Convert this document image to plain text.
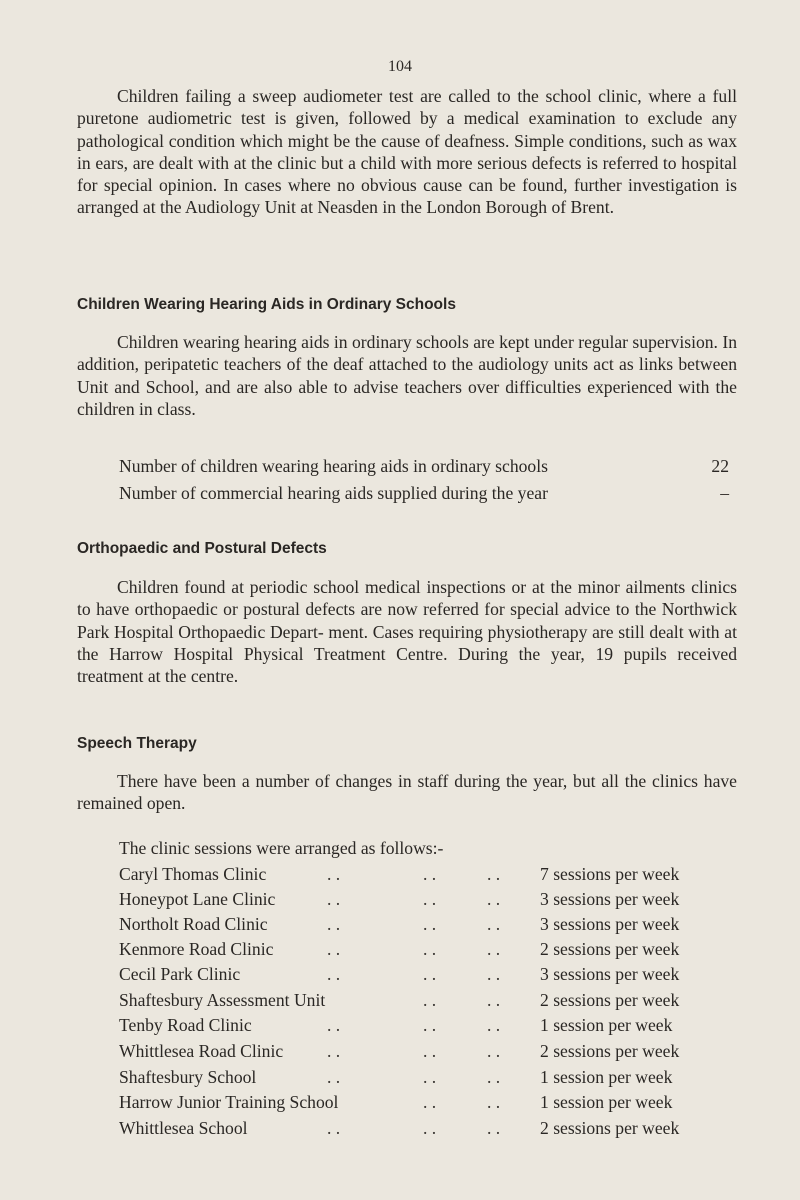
104

Children failing a sweep audiometer test are called to the school clinic, where a full puretone audiometric test is given, followed by a medical examination to exclude any pathological condition which might be the cause of deafness. Simple conditions, such as wax in ears, are dealt with at the clinic but a child with more serious defects is referred to hospital for special opinion. In cases where no obvious cause can be found, further investigation is arranged at the Audiology Unit at Neasden in the London Borough of Brent.

Children Wearing Hearing Aids in Ordinary Schools

Children wearing hearing aids in ordinary schools are kept under regular supervision. In addition, peripatetic teachers of the deaf attached to the audiology units act as links between Unit and School, and are also able to advise teachers over difficulties experienced with the children in class.

Number of children wearing hearing aids in ordinary schools	22
Number of commercial hearing aids supplied during the year	–
Orthopaedic and Postural Defects

Children found at periodic school medical inspections or at the minor ailments clinics to have orthopaedic or postural defects are now referred for special advice to the Northwick Park Hospital Orthopaedic Depart- ment. Cases requiring physiotherapy are still dealt with at the Harrow Hospital Physical Treatment Centre. During the year, 19 pupils received treatment at the centre.

Speech Therapy

There have been a number of changes in staff during the year, but all the clinics have remained open.

The clinic sessions were arranged as follows:-
Caryl Thomas Clinic	. .	. .	. . 7 sessions per week
Honeypot Lane Clinic	. .	. .	. . 3 sessions per week
Northolt Road Clinic	. .	. .	. . 3 sessions per week
Kenmore Road Clinic	. .	. .	. . 2 sessions per week
Cecil Park Clinic	. .	. .	. . 3 sessions per week
Shaftesbury Assessment Unit	. .	. . 2 sessions per week
Tenby Road Clinic	. .	. .	. . 1 session per week
Whittlesea Road Clinic . .	. .	. . 2 sessions per week
Shaftesbury School	. .	. .	. . 1 session per week
Harrow Junior Training School	. .	. . 1 session per week
Whittlesea School	. .	. .	. . 2 sessions per week
